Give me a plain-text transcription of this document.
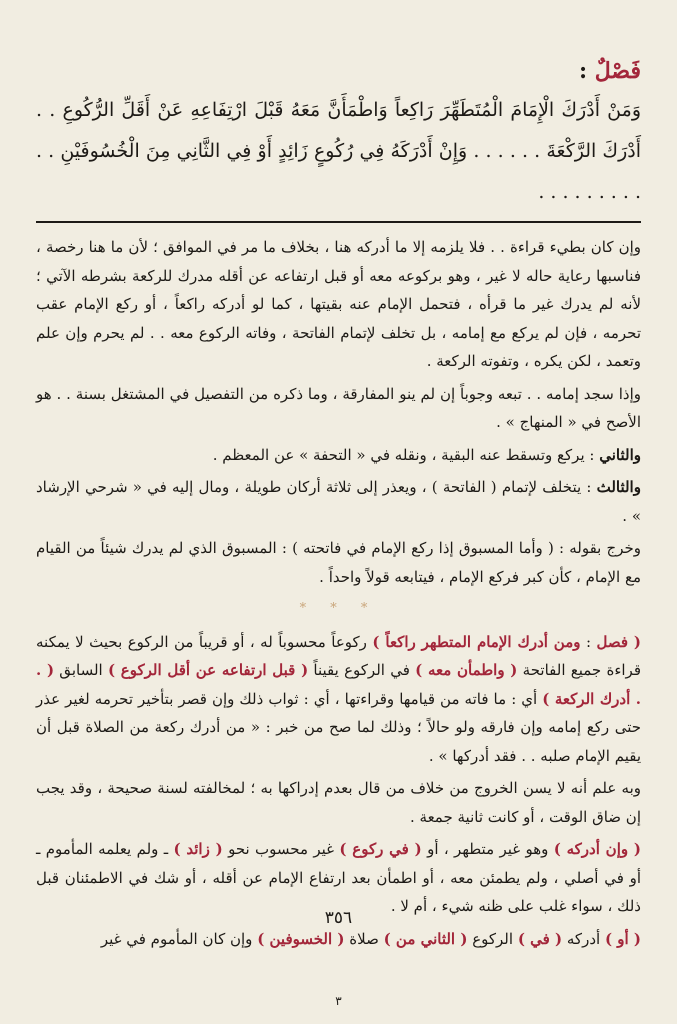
فَصْلٌ :

وَمَنْ أَدْرَكَ الْإِمَامَ الْمُتَطَهِّرَ رَاكِعاً وَاطْمَأَنَّ مَعَهُ قَبْلَ ارْتِفَاعِهِ عَنْ أَقَلِّ الرُّكُوعِ . . أَدْرَكَ الرَّكْعَةَ . . . . . . وَإِنْ أَدْرَكَهُ فِي رُكُوعٍ زَائِدٍ أَوْ فِي الثَّانِي مِنَ الْخُسُوفَيْنِ . . . . . . . . . . .

وإن كان بطيء قراءة . . فلا يلزمه إلا ما أدركه هنا ، بخلاف ما مر في الموافق ؛ لأن ما هنا رخصة ، فناسبها رعاية حاله لا غير ، وهو بركوعه معه أو قبل ارتفاعه عن أقله مدرك للركعة بشرطه الآتي ؛ لأنه لم يدرك غير ما قرأه ، فتحمل الإمام عنه بقيتها ، كما لو أدركه راكعاً ، أو ركع الإمام عقب تحرمه ، فإن لم يركع مع إمامه ، بل تخلف لإتمام الفاتحة ، وفاته الركوع معه . . لم يحرم وإن علم وتعمد ، لكن يكره ، وتفوته الركعة .

وإذا سجد إمامه . . تبعه وجوباً إن لم ينو المفارقة ، وما ذكره من التفصيل في المشتغل بسنة . . هو الأصح في « المنهاج » .

والثاني : يركع وتسقط عنه البقية ، ونقله في « التحفة » عن المعظم .

والثالث : يتخلف لإتمام ( الفاتحة ) ، ويعذر إلى ثلاثة أركان طويلة ، ومال إليه في « شرحي الإرشاد » .

وخرج بقوله : ( وأما المسبوق إذا ركع الإمام في فاتحته ) : المسبوق الذي لم يدرك شيئاً من القيام مع الإمام ، كأن كبر فركع الإمام ، فيتابعه قولاً واحداً .

* * *

( فصل : ومن أدرك الإمام المتطهر راكعاً ) ركوعاً محسوباً له ، أو قريباً من الركوع بحيث لا يمكنه قراءة جميع الفاتحة ( واطمأن معه ) في الركوع يقيناً ( قبل ارتفاعه عن أقل الركوع ) السابق ( . . أدرك الركعة ) أي : ما فاته من قيامها وقراءتها ، أي : ثواب ذلك وإن قصر بتأخير تحرمه لغير عذر حتى ركع إمامه وإن فارقه ولو حالاً ؛ وذلك لما صح من خبر : « من أدرك ركعة من الصلاة قبل أن يقيم الإمام صلبه . . فقد أدركها » .

وبه علم أنه لا يسن الخروج من خلاف من قال بعدم إدراكها به ؛ لمخالفته لسنة صحيحة ، وقد يجب إن ضاق الوقت ، أو كانت ثانية جمعة .

( وإن أدركه ) وهو غير متطهر ، أو ( في ركوع ) غير محسوب نحو ( زائد ) ـ ولم يعلمه المأموم ـ أو في أصلي ، ولم يطمئن معه ، أو اطمأن بعد ارتفاع الإمام عن أقله ، أو شك في الاطمئنان قبل ذلك ، سواء غلب على ظنه شيء ، أم لا .

( أو ) أدركه ( في ) الركوع ( الثاني من ) صلاة ( الخسوفين ) وإن كان المأموم في غير

٣٥٦
٣
